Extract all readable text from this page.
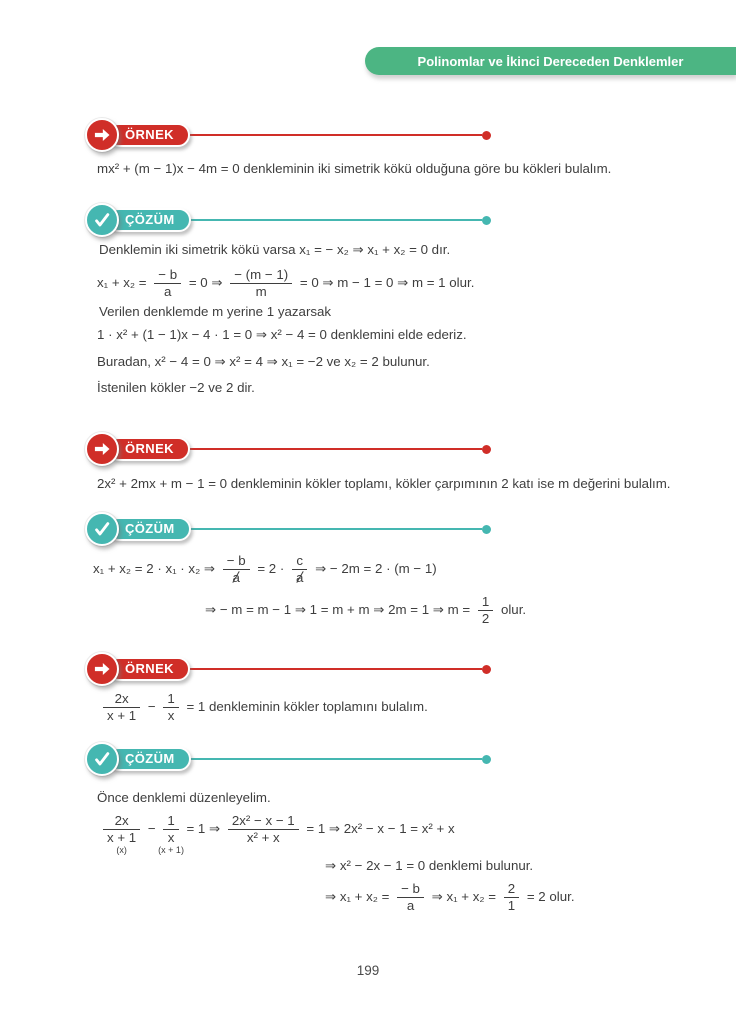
Polinomlar ve İkinci Dereceden Denklemler
ÖRNEK
mx² + (m − 1)x − 4m = 0 denkleminin iki simetrik kökü olduğuna göre bu kökleri bulalım.
ÇÖZÜM
Denklemin iki simetrik kökü varsa x₁ = − x₂ ⇒ x₁ + x₂ = 0 dır.
$x_1 + x_2 = \frac{- b}{a} = 0$ ⇒ $\frac{- (m - 1)}{m} = 0$ ⇒ m − 1 = 0 ⇒ m = 1 olur.
Verilen denklemde m yerine 1 yazarsak
1 · x² + (1 − 1)x − 4 · 1 = 0 ⇒ x² − 4 = 0 denklemini elde ederiz.
Buradan, x² − 4 = 0 ⇒ x² = 4 ⇒ x₁ = −2 ve x₂ = 2 bulunur.
İstenilen kökler −2 ve 2 dir.
ÖRNEK
2x² + 2mx + m − 1 = 0 denkleminin kökler toplamı, kökler çarpımının 2 katı ise m değerini bulalım.
ÇÖZÜM
x₁ + x₂ = 2 · x₁ · x₂ ⇒ $\frac{- b}{a} = 2 \cdot \frac{c}{a}$ ⇒ − 2m = 2 · (m − 1)
⇒ − m = m − 1 ⇒ 1 = m + m ⇒ 2m = 1 ⇒ $m = \frac{1}{2}$ olur.
ÖRNEK
$\frac{2x}{x + 1} - \frac{1}{x} = 1$ denkleminin kökler toplamını bulalım.
ÇÖZÜM
Önce denklemi düzenleyelim.
2x
x + 1
(x)
−
1
x
(x + 1)
= 1 ⇒ $\frac{\text{2x² − x − 1}}{\text{x² + x}} = 1$ ⇒ 2x² − x − 1 = x² + x
⇒ x² − 2x − 1 = 0 denklemi bulunur.
⇒ $x_1 + x_2 = \frac{- b}{a}$ ⇒ $x_1 + x_2 = \frac{2}{1} = 2$ olur.
199
